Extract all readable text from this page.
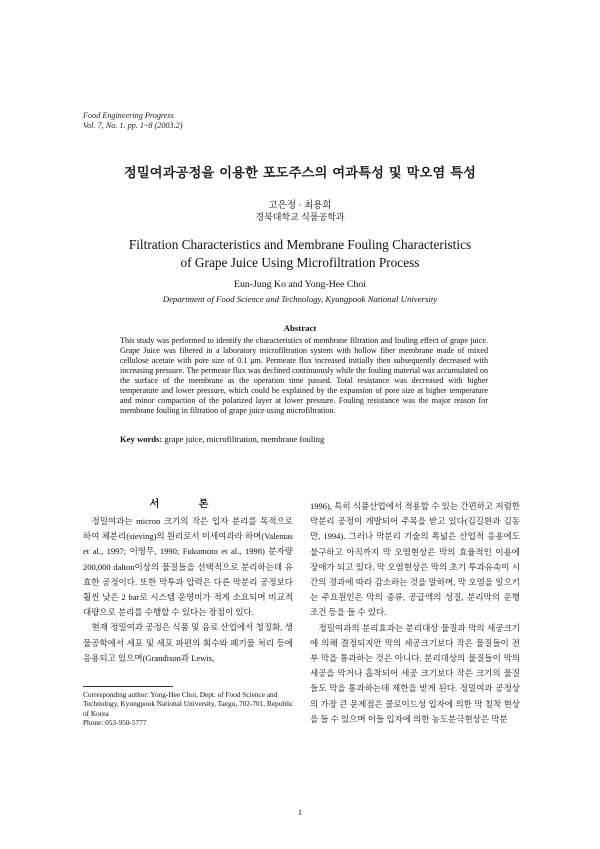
Food Engineering Progress
Vol. 7, No. 1. pp. 1~8 (2003.2)
정밀여과공정을 이용한 포도주스의 여과특성 및 막오염 특성
고은정 · 최용희
경북대학교 식품공학과
Filtration Characteristics and Membrane Fouling Characteristics
of Grape Juice Using Microfiltration Process
Eun-Jung Ko and Yong-Hee Choi
Department of Food Science and Technology, Kyungpook National University
Abstract
This study was performed to identify the characteristics of membrane filtration and fouling effect of grape juice. Grape Juice was filtered in a laboratory microfiltration system with hollow fiber membrane made of mixed cellulose acetate with pore size of 0.1 μm. Permeate flux increased initially then subsequently decreased with increasing pressure. The permeate flux was declined continuously while the fouling material was accumulated on the surface of the membrane as the operation time passed. Total resistance was decreased with higher temperature and lower pressure, which could be explained by the expansion of pore size at higher temperature and minor compaction of the polarized layer at lower pressure. Fouling resistance was the major reason for membrane fouling in filtration of grape juice using microfiltration.
Key words: grape juice, microfiltration, membrane fouling
서 론

정밀여과는 micron 크기의 작은 입자 분리를 목적으로 하여 체분리(sieving)의 원리로서 미세여과라 하며(Valentas et al., 1997; 이영무, 1990; Fukumoto et al., 1998) 분자량 200,000 dalton이상의 물질들을 선택적으로 분리하는데 유효한 공정이다. 또한 막투과 압력은 다른 막분리 공정보다 훨씬 낮은 2 bar로 시스템 운영비가 적게 소요되며 비교적 대량으로 분리를 수행할 수 있다는 장점이 있다.

현재 정밀여과 공정은 식품 및 음료 산업에서 청징화, 생물공학에서 세포 및 세포 파편의 회수와 폐기물 처리 등에 응용되고 있으며(Grandison과 Lewis,

1996), 특히 식품산업에서 적용할 수 있는 간편하고 저렴한 막분리 공정이 개발되어 주목을 받고 있다(김길환과 김동만, 1994). 그러나 막분리 기술의 폭넓은 산업적 응용에도 불구하고 아직까지 막 오염현상은 막의 효율적인 이용에 장애가 되고 있다. 막 오염현상은 막의 초기 투과유속이 시간의 경과에 따라 감소하는 것을 말하며, 막 오염을 일으키는 주요원인은 막의 종류, 공급액의 성질, 분리막의 운행 조건 등을 들 수 있다.

정밀여과의 분리효과는 분리대상 물질과 막의 세공크기에 의해 결정되지만 막의 세공크기보다 작은 물질들이 전부 막을 통과하는 것은 아니다. 분리대상의 물질들이 막의 세공을 막거나 흡착되어 세공 크기보다 작은 크기의 물질들도 막을 통과하는데 제한을 받게 된다. 정밀여과 공정상의 가장 큰 문제점은 콜로이드성 입자에 의한 막 침착 현상을 들 수 있으며 이들 입자에 의한 농도분극현상은 막분

Corresponding author: Yong-Hee Choi, Dept. of Food Science and Technology, Kyungpook National University, Taegu, 702-701, Republic of Korea
Phone: 053-950-5777
1
